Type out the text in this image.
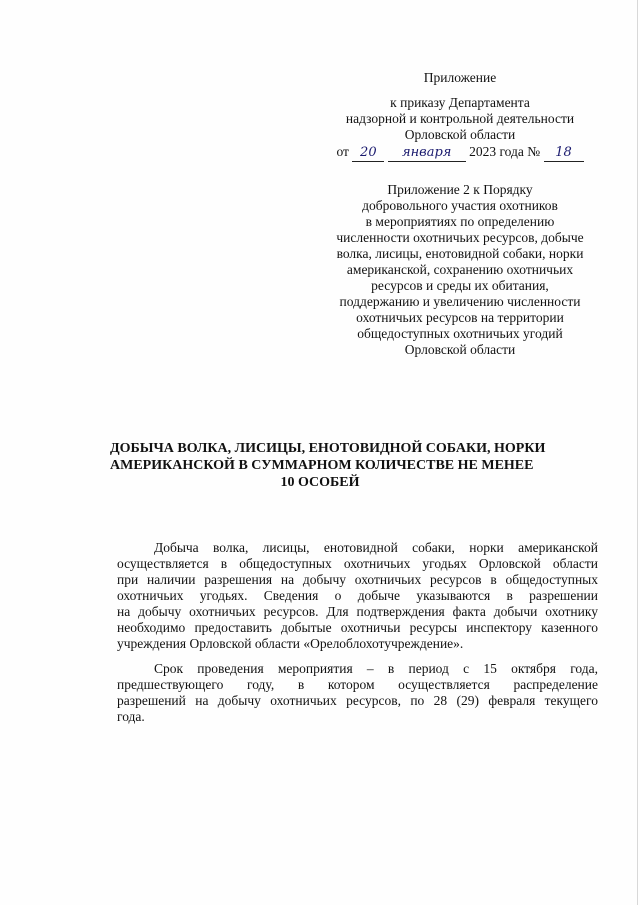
Приложение
к приказу Департамента
надзорной и контрольной деятельности
Орловской области
от 20 января 2023 года № 18
Приложение 2 к Порядку
добровольного участия охотников
в мероприятиях по определению
численности охотничьих ресурсов, добыче
волка, лисицы, енотовидной собаки, норки
американской, сохранению охотничьих
ресурсов и среды их обитания,
поддержанию и увеличению численности
охотничьих ресурсов на территории
общедоступных охотничьих угодий
Орловской области
ДОБЫЧА ВОЛКА, ЛИСИЦЫ, ЕНОТОВИДНОЙ СОБАКИ, НОРКИ
АМЕРИКАНСКОЙ В СУММАРНОМ КОЛИЧЕСТВЕ НЕ МЕНЕЕ
10 ОСОБЕЙ
Добыча волка, лисицы, енотовидной собаки, норки американской
осуществляется в общедоступных охотничьих угодьях Орловской области
при наличии разрешения на добычу охотничьих ресурсов в общедоступных
охотничьих угодьях. Сведения о добыче указываются в разрешении
на добычу охотничьих ресурсов. Для подтверждения факта добычи охотнику
необходимо предоставить добытые охотничьи ресурсы инспектору казенного
учреждения Орловской области «Орелоблохотучреждение».
Срок проведения мероприятия – в период с 15 октября года,
предшествующего году, в котором осуществляется распределение
разрешений на добычу охотничьих ресурсов, по 28 (29) февраля текущего
года.
